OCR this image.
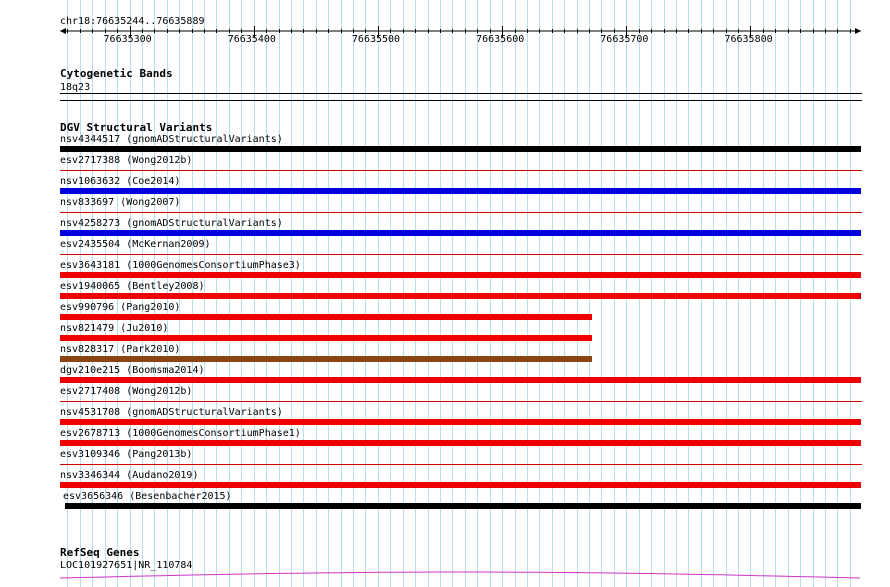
chr18:76635244..76635889
76635300	76635400	76635500	76635600	76635700	76635800
Cytogenetic Bands
18q23
DGV Structural Variants
nsv4344517 (gnomADStructuralVariants)
esv2717388 (Wong2012b)
nsv1063632 (Coe2014)
nsv833697 (Wong2007)
nsv4258273 (gnomADStructuralVariants)
esv2435504 (McKernan2009)
esv3643181 (1000GenomesConsortiumPhase3)
esv1940065 (Bentley2008)
esv990796 (Pang2010)
nsv821479 (Ju2010)
nsv828317 (Park2010)
dgv210e215 (Boomsma2014)
esv2717408 (Wong2012b)
nsv4531708 (gnomADStructuralVariants)
esv2678713 (1000GenomesConsortiumPhase1)
esv3109346 (Pang2013b)
nsv3346344 (Audano2019)
esv3656346 (Besenbacher2015)
RefSeq Genes
LOC101927651|NR_110784
